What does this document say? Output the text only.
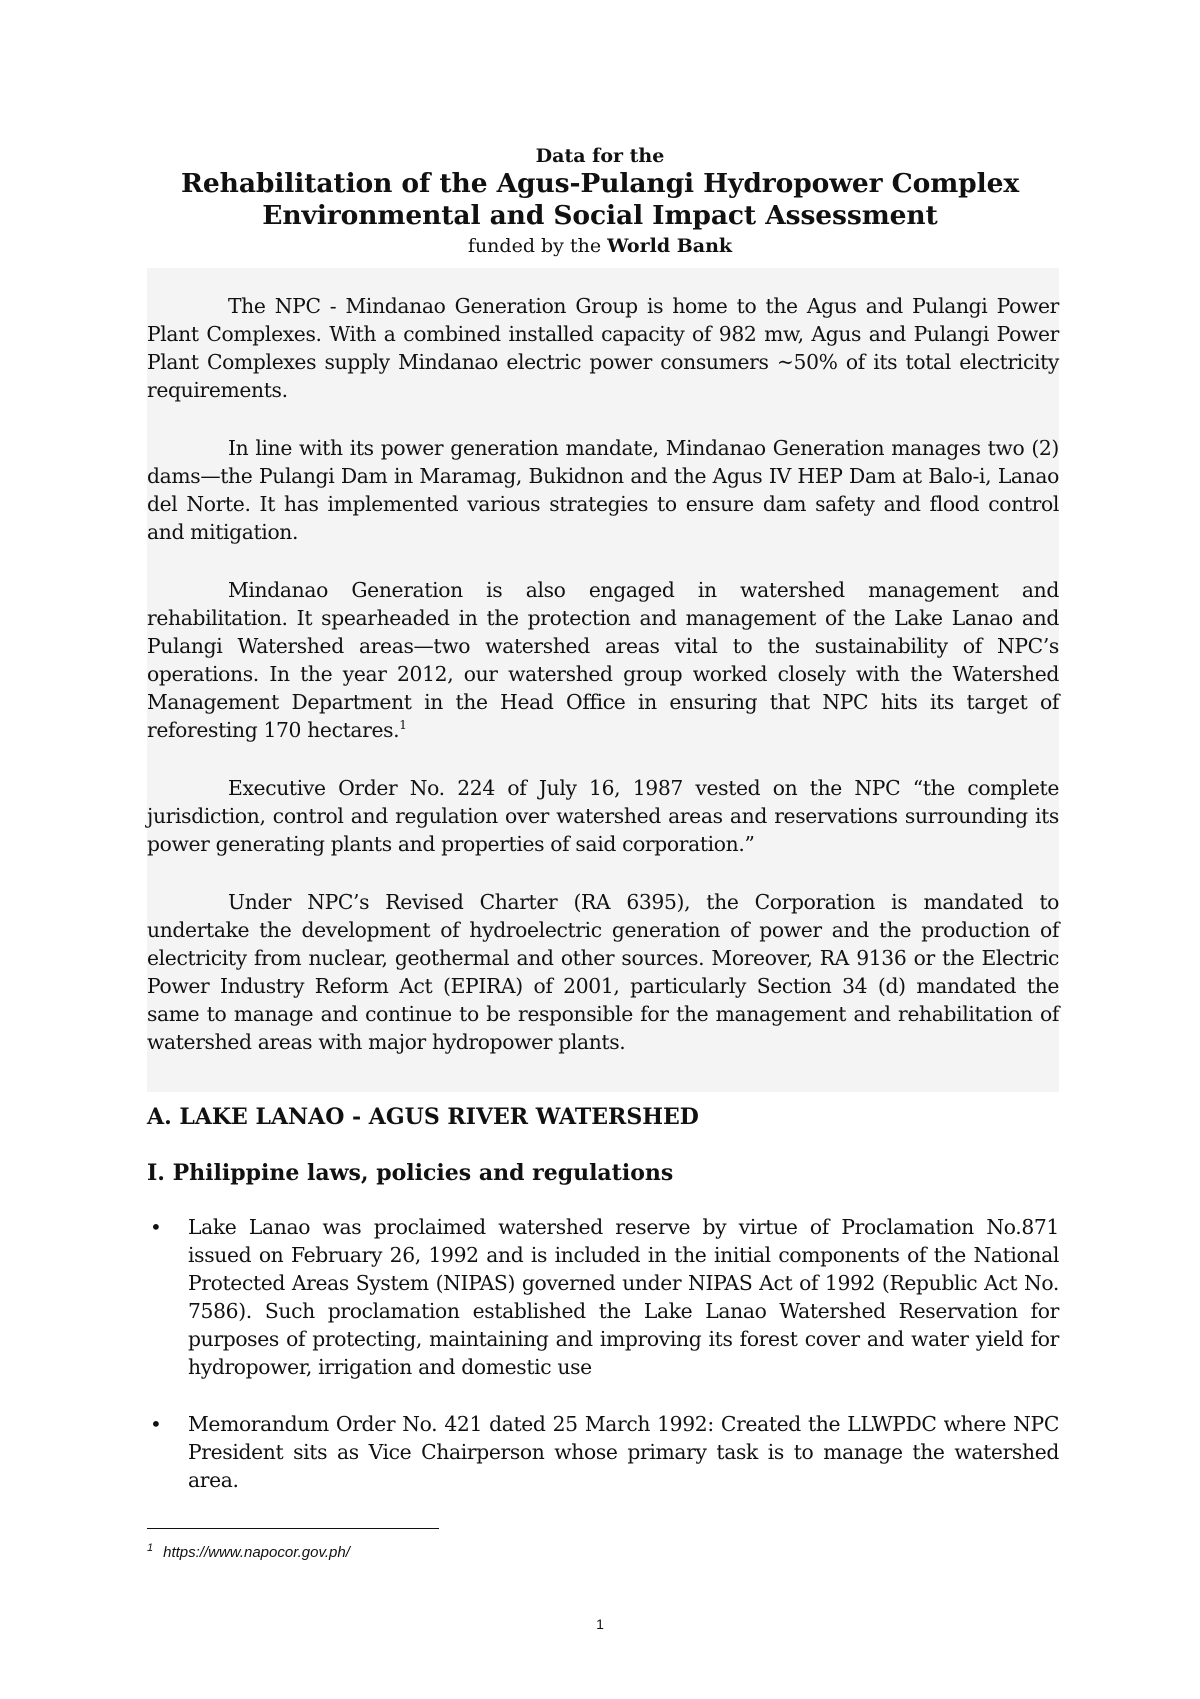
Data for the
Rehabilitation of the Agus-Pulangi Hydropower Complex
Environmental and Social Impact Assessment
funded by the World Bank

The NPC - Mindanao Generation Group is home to the Agus and Pulangi Power Plant Complexes. With a combined installed capacity of 982 mw, Agus and Pulangi Power Plant Complexes supply Mindanao electric power consumers ~50% of its total electricity requirements.

In line with its power generation mandate, Mindanao Generation manages two (2) dams—the Pulangi Dam in Maramag, Bukidnon and the Agus IV HEP Dam at Balo-i, Lanao del Norte. It has implemented various strategies to ensure dam safety and flood control and mitigation.

Mindanao Generation is also engaged in watershed management and rehabilitation. It spearheaded in the protection and management of the Lake Lanao and Pulangi Watershed areas—two watershed areas vital to the sustainability of NPC’s operations. In the year 2012, our watershed group worked closely with the Watershed Management Department in the Head Office in ensuring that NPC hits its target of reforesting 170 hectares.$^1$

Executive Order No. 224 of July 16, 1987 vested on the NPC “the complete jurisdiction, control and regulation over watershed areas and reservations surrounding its power generating plants and properties of said corporation.”

Under NPC’s Revised Charter (RA 6395), the Corporation is mandated to undertake the development of hydroelectric generation of power and the production of electricity from nuclear, geothermal and other sources. Moreover, RA 9136 or the Electric Power Industry Reform Act (EPIRA) of 2001, particularly Section 34 (d) mandated the same to manage and continue to be responsible for the management and rehabilitation of watershed areas with major hydropower plants.

A. LAKE LANAO - AGUS RIVER WATERSHED
I. Philippine laws, policies and regulations
• Lake Lanao was proclaimed watershed reserve by virtue of Proclamation No.871 issued on February 26, 1992 and is included in the initial components of the National Protected Areas System (NIPAS) governed under NIPAS Act of 1992 (Republic Act No. 7586). Such proclamation established the Lake Lanao Watershed Reservation for purposes of protecting, maintaining and improving its forest cover and water yield for hydropower, irrigation and domestic use
• Memorandum Order No. 421 dated 25 March 1992: Created the LLWPDC where NPC President sits as Vice Chairperson whose primary task is to manage the watershed area.
$^1$ https://www.napocor.gov.ph/
1
